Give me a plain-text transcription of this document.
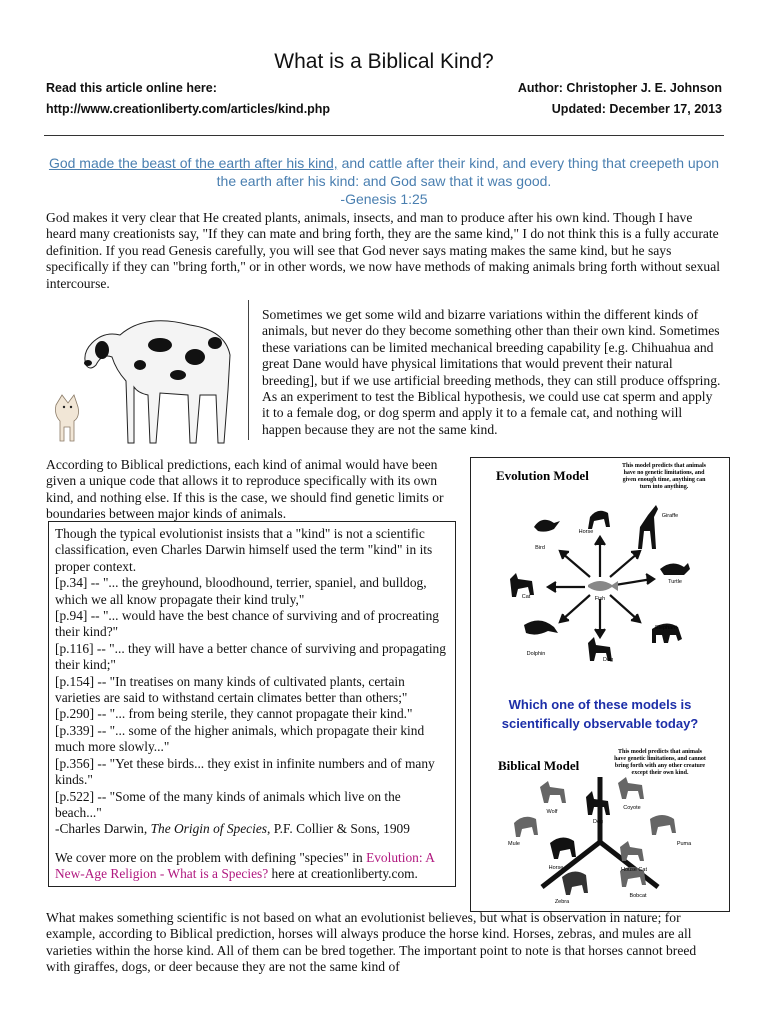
What is a Biblical Kind?
Read this article online here:
http://www.creationliberty.com/articles/kind.php
Author: Christopher J. E. Johnson
Updated: December 17, 2013
God made the beast of the earth after his kind, and cattle after their kind, and every thing that creepeth upon the earth after his kind: and God saw that it was good.
-Genesis 1:25
God makes it very clear that He created plants, animals, insects, and man to produce after his own kind. Though I have heard many creationists say, "If they can mate and bring forth, they are the same kind," I do not think this is a fully accurate definition. If you read Genesis carefully, you will see that God never says mating makes the same kind, but he says specifically if they can "bring forth," or in other words, we now have methods of making animals bring forth without sexual intercourse.
Sometimes we get some wild and bizarre variations within the different kinds of animals, but never do they become something other than their own kind. Sometimes these variations can be limited mechanical breeding capability [e.g. Chihuahua and great Dane would have physical limitations that would prevent their natural breeding], but if we use artificial breeding methods, they can still produce offspring. As an experiment to test the Biblical hypothesis, we could use cat sperm and apply it to a female dog, or dog sperm and apply it to a female cat, and nothing will happen because they are not the same kind.
According to Biblical predictions, each kind of animal would have been given a unique code that allows it to reproduce specifically with its own kind, and nothing else. If this is the case, we should find genetic limits or boundaries between major kinds of animals.
Though the typical evolutionist insists that a "kind" is not a scientific classification, even Charles Darwin himself used the term "kind" in its proper context.
[p.34] -- "... the greyhound, bloodhound, terrier, spaniel, and bulldog, which we all know propagate their kind truly,"
[p.94] -- "... would have the best chance of surviving and of procreating their kind?"
[p.116] -- "... they will have a better chance of surviving and propagating their kind;"
[p.154] -- "In treatises on many kinds of cultivated plants, certain varieties are said to withstand certain climates better than others;"
[p.290] -- "... from being sterile, they cannot propagate their kind."
[p.339] -- "... some of the higher animals, which propagate their kind much more slowly..."
[p.356] -- "Yet these birds... they exist in infinite numbers and of many kinds."
[p.522] -- "Some of the many kinds of animals which live on the beach..."
-Charles Darwin, The Origin of Species, P.F. Collier & Sons, 1909
We cover more on the problem with defining "species" in Evolution: A New-Age Religion - What is a Species? here at creationliberty.com.
Evolution Model
This model predicts that animals
have no genetic limitations, and
given enough time, anything can
turn into anything.
Horse
Giraffe
Bird
Turtle
Cat	Fish
Elephant
Dolphin
Dog
Which one of these models is
scientifically observable today?
Biblical Model
This model predicts that animals
have genetic limitations, and cannot
bring forth with any other creature
except their own kind.
Wolf
Coyote
Dog
Mule	Puma
Horse	House Cat
Zebra
Bobcat
What makes something scientific is not based on what an evolutionist believes, but what is observation in nature; for example, according to Biblical prediction, horses will always produce the horse kind. Horses, zebras, and mules are all varieties within the horse kind. All of them can be bred together. The important point to note is that horses cannot breed with giraffes, dogs, or deer because they are not the same kind of
